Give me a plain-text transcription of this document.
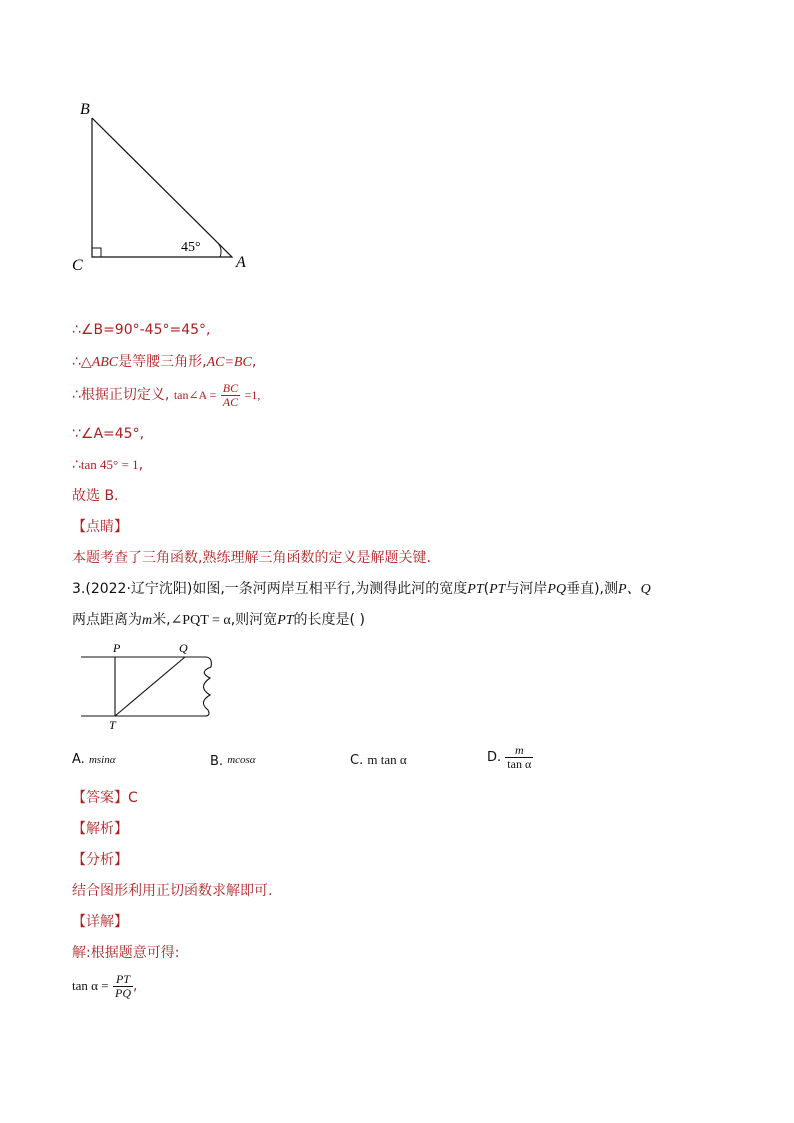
B
C	A
45°
∴∠B=90°-45°=45°,
∴△ABC是等腰三角形,AC=BC,
∴根据正切定义, tan∠A = $\frac{BC}{AC} =1$,
∵∠A=45°,
∴tan 45° = 1,
故选 B.
【点睛】
本题考查了三角函数,熟练理解三角函数的定义是解题关键.
3.(2022·辽宁沈阳)如图,一条河两岸互相平行,为测得此河的宽度PT(PT与河岸PQ垂直),测P、Q
两点距离为m米,∠PQT = α,则河宽PT的长度是( )
P	Q
T
A. msinα	B. mcosα	C. m tan α	D. $\frac{m}{\text{tan α}}$
【答案】C
【解析】
【分析】
结合图形利用正切函数求解即可.
【详解】
解:根据题意可得:
$\tan \alpha = \frac{PT}{PQ}$ ,
